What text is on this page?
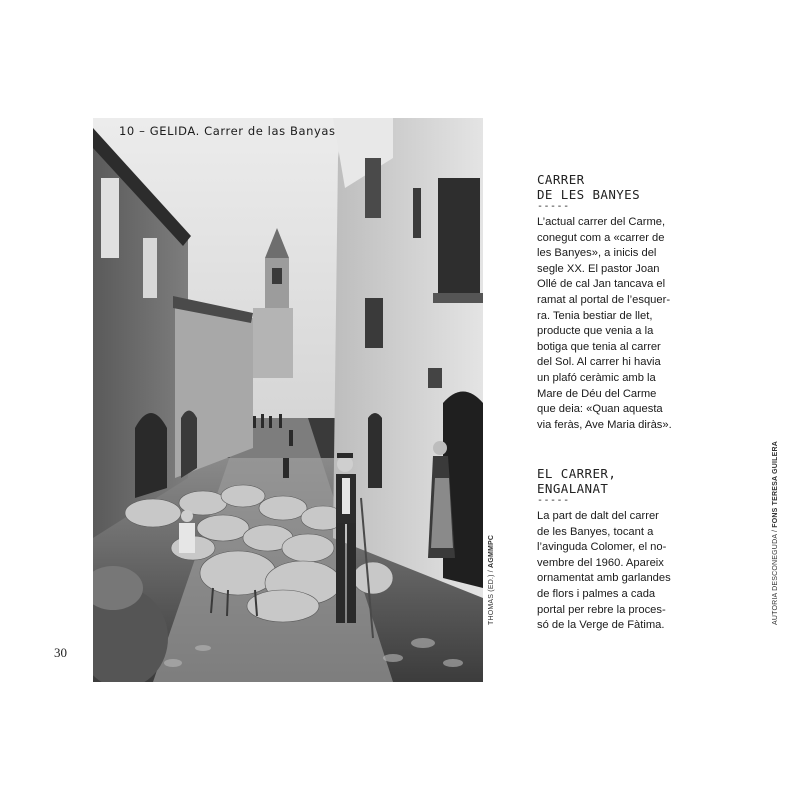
30
10 – GELIDA. Carrer de las Banyas
THOMAS (ED.) / AGMMPC	AUTORIA DESCONEGUDA / FONS TERESA GUILERA

CARRER

DE LES BANYES

-----

L’actual carrer del Carme,
conegut com a «carrer de
les Banyes», a inicis del
segle XX. El pastor Joan
Ollé de cal Jan tancava el
ramat al portal de l’esquer-
ra. Tenia bestiar de llet,
producte que venia a la
botiga que tenia al carrer
del Sol. Al carrer hi havia
un plafó ceràmic amb la
Mare de Déu del Carme
que deia: «Quan aquesta
via feràs, Ave Maria diràs».

EL CARRER,

ENGALANAT

-----

La part de dalt del carrer
de les Banyes, tocant a
l’avinguda Colomer, el no-
vembre del 1960. Apareix
ornamentat amb garlandes
de flors i palmes a cada
portal per rebre la proces-
só de la Verge de Fàtima.
